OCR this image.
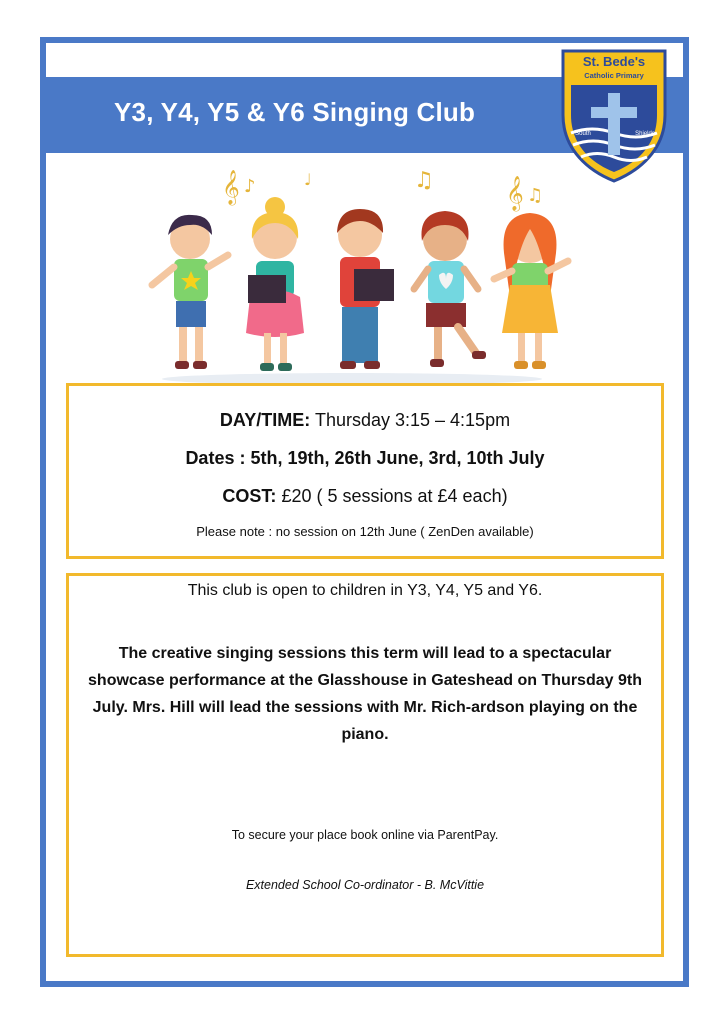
Y3, Y4, Y5 & Y6 Singing Club
St. Bede's
Catholic Primary
South	Shields
𝄞 ♪	♩	♫ 𝄞 ♫
DAY/TIME: Thursday 3:15 – 4:15pm
Dates : 5th, 19th, 26th June, 3rd, 10th July
COST: £20 ( 5 sessions at £4 each)
Please note : no session on 12th June ( ZenDen available)
This club is open to children in Y3, Y4, Y5 and Y6.
The creative singing sessions this term will lead to a spectacular showcase performance at the Glasshouse in Gateshead on Thursday 9th July. Mrs. Hill will lead the sessions with Mr. Rich-ardson playing on the piano.
To secure your place book online via ParentPay.
Extended School Co-ordinator - B. McVittie
